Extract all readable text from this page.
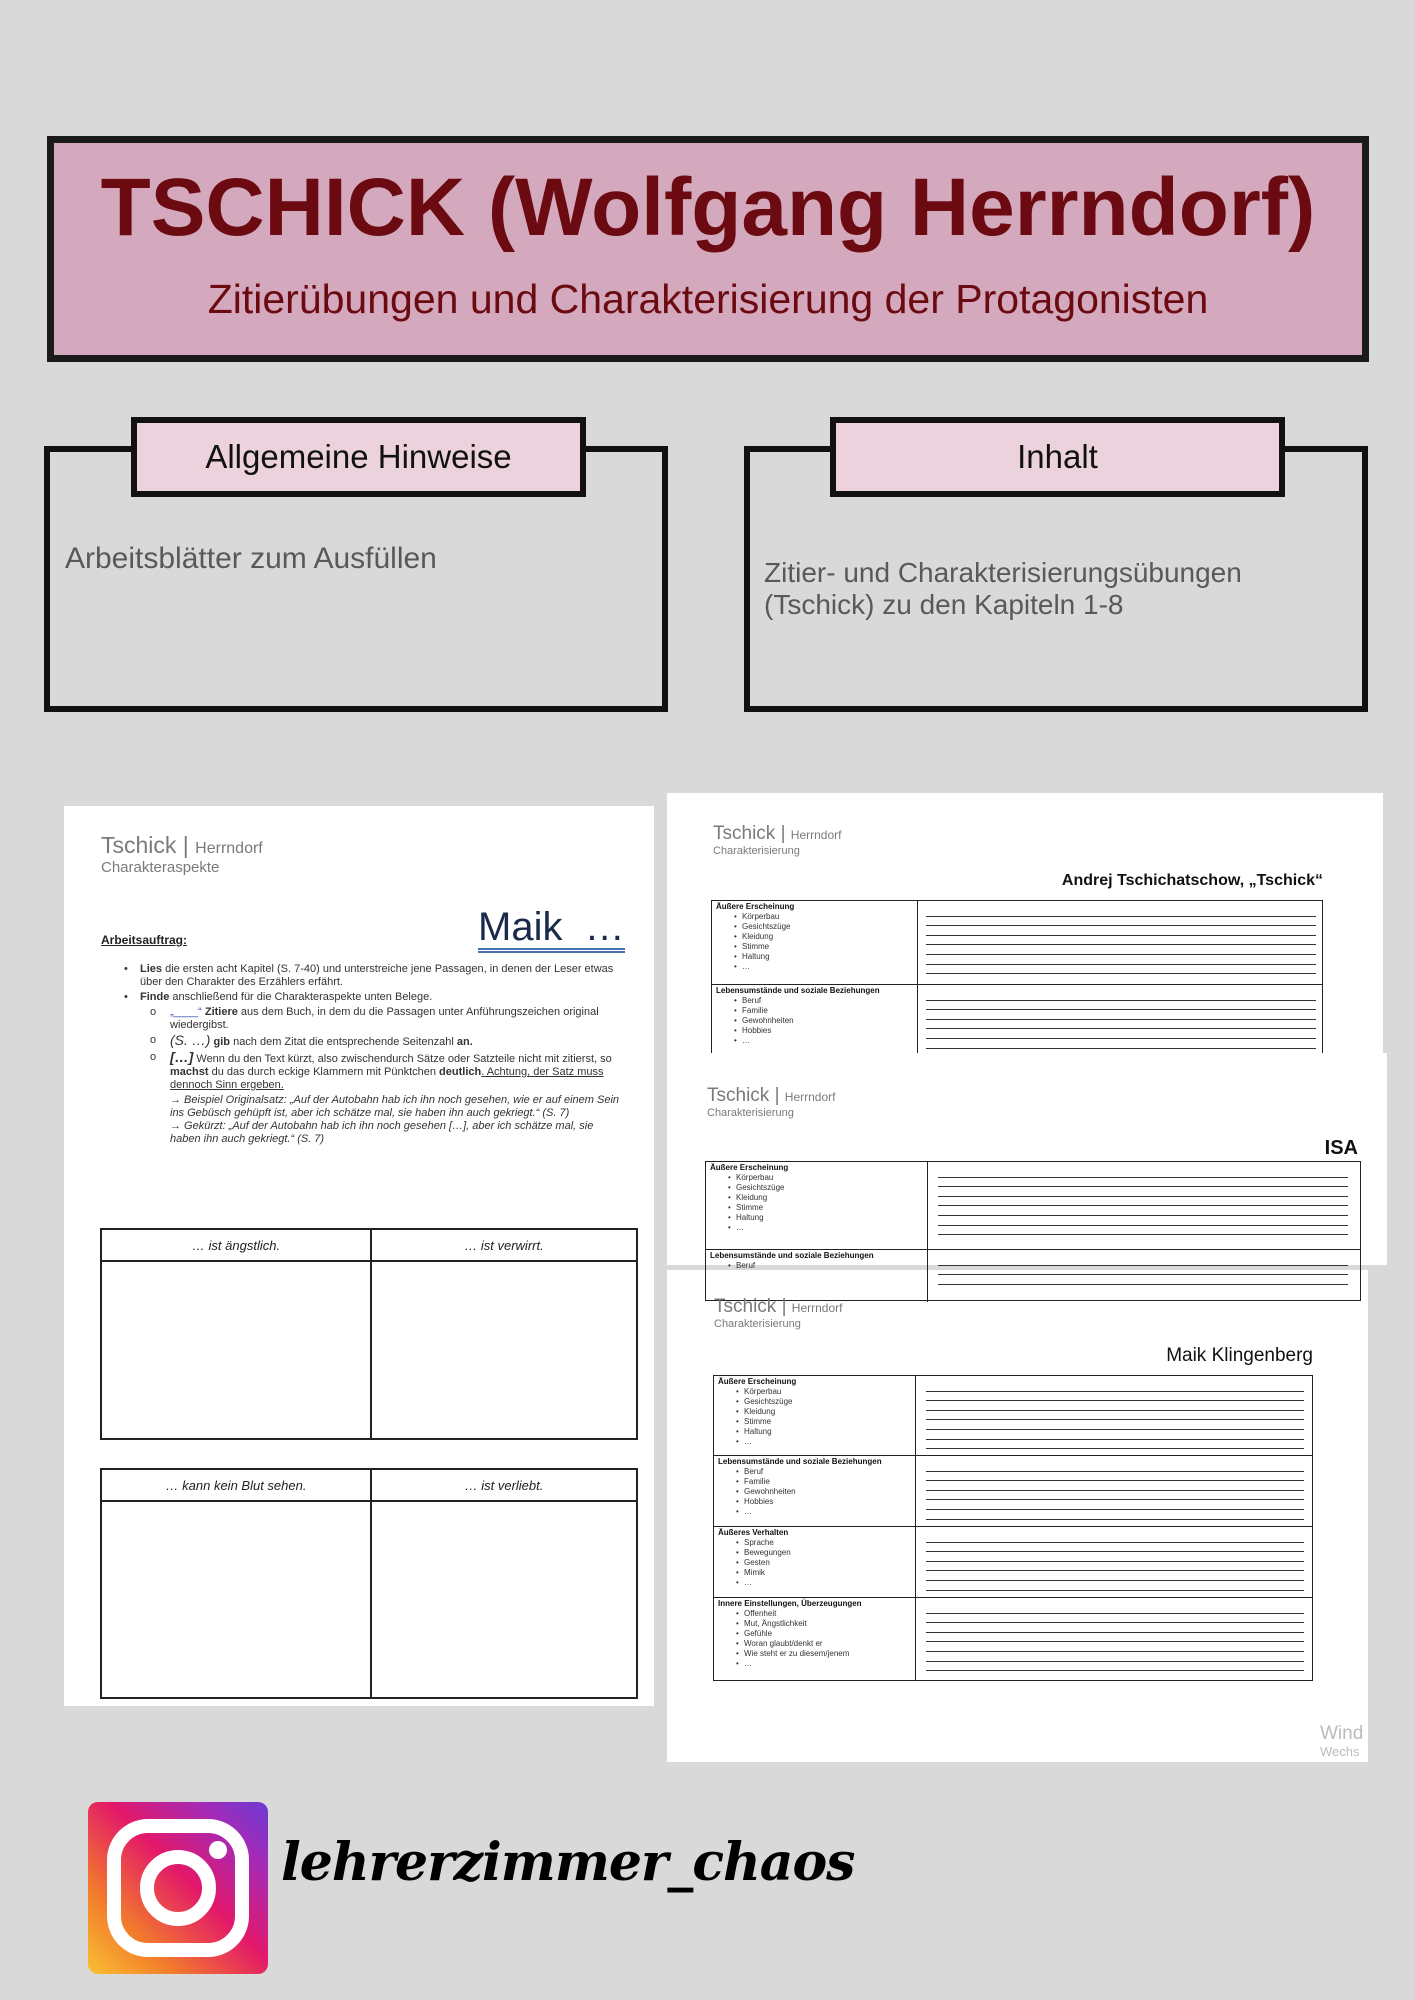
TSCHICK (Wolfgang Herrndorf)
Zitierübungen und Charakterisierung der Protagonisten
Allgemeine Hinweise
Arbeitsblätter zum Ausfüllen
Inhalt
Zitier- und Charakterisierungsübungen
(Tschick) zu den Kapiteln 1-8
Tschick | Herrndorf
Charakteraspekte
Maik  …
Arbeitsauftrag:
• Lies die ersten acht Kapitel (S. 7-40) und unterstreiche jene Passagen, in denen der Leser etwas über den Charakter des Erzählers erfährt.
• Finde anschließend für die Charakteraspekte unten Belege.
o „____“ Zitiere aus dem Buch, in dem du die Passagen unter Anführungszeichen original wiedergibst.
o (S. …) gib nach dem Zitat die entsprechende Seitenzahl an.
o […] Wenn du den Text kürzt, also zwischendurch Sätze oder Satzteile nicht mit zitierst, so machst du das durch eckige Klammern mit Pünktchen deutlich. Achtung, der Satz muss dennoch Sinn ergeben.
→ Beispiel Originalsatz: „Auf der Autobahn hab ich ihn noch gesehen, wie er auf einem Sein ins Gebüsch gehüpft ist, aber ich schätze mal, sie haben ihn auch gekriegt.“ (S. 7)
→ Gekürzt: „Auf der Autobahn hab ich ihn noch gesehen […], aber ich schätze mal, sie haben ihn auch gekriegt.“ (S. 7)
… ist ängstlich.	… ist verwirrt.
… kann kein Blut sehen.	… ist verliebt.
Tschick | Herrndorf
Charakterisierung
Andrej Tschichatschow, „Tschick“
Äußere Erscheinung
• Körperbau
• Gesichtszüge
• Kleidung
• Stimme
• Haltung
• …
Lebensumstände und soziale Beziehungen
• Beruf
• Familie
• Gewohnheiten
• Hobbies
• …
Tschick | Herrndorf
Charakterisierung
ISA
Äußere Erscheinung
• Körperbau
• Gesichtszüge
• Kleidung
• Stimme
• Haltung
• …
Lebensumstände und soziale Beziehungen
• Beruf
Tschick | Herrndorf
Charakterisierung
Maik Klingenberg
Äußere Erscheinung
• Körperbau
• Gesichtszüge
• Kleidung
• Stimme
• Haltung
• …
Lebensumstände und soziale Beziehungen
• Beruf
• Familie
• Gewohnheiten
• Hobbies
• …
Äußeres Verhalten
• Sprache
• Bewegungen
• Gesten
• Mimik
• …
Innere Einstellungen, Überzeugungen
• Offenheit
• Mut, Ängstlichkeit
• Gefühle
• Woran glaubt/denkt er
• Wie steht er zu diesem/jenem
• …
Wind
Wechs
lehrerzimmer_chaos
